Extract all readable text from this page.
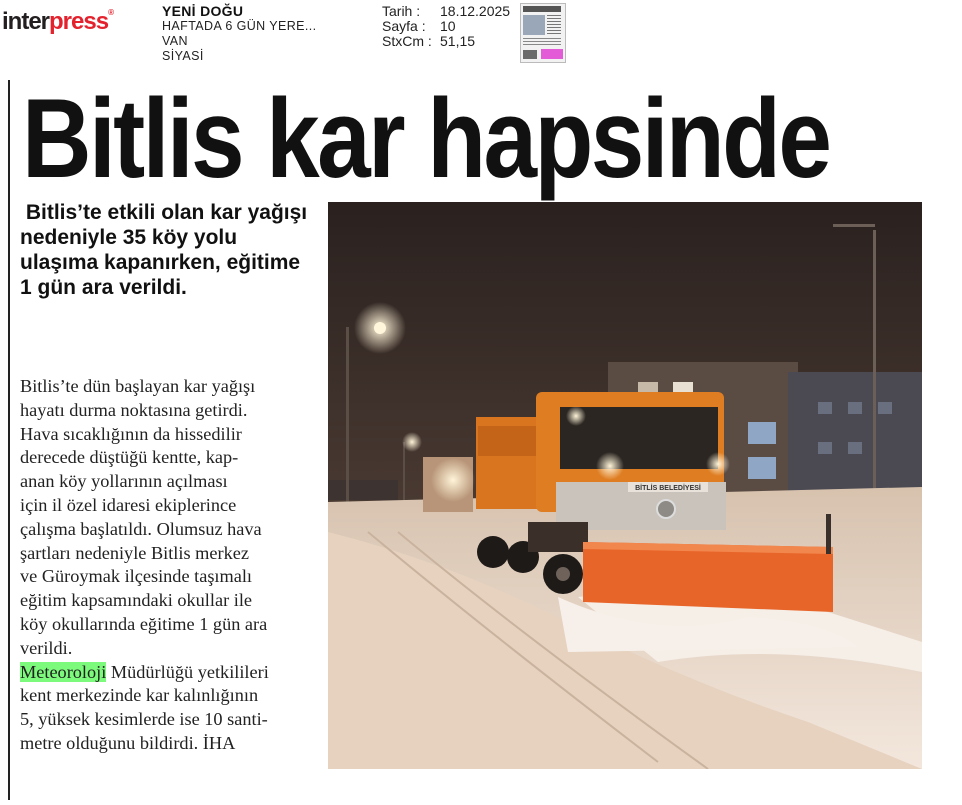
interpress®	YENİ DOĞU
HAFTADA 6 GÜN YERE...
VAN
SİYASİ
Tarih :	18.12.2025
Sayfa :	10
StxCm : 51,15
Bitlis kar hapsinde
Bitlis’te etkili olan kar yağışı nedeniyle 35 köy yolu ulaşıma kapanırken, eğitime 1 gün ara verildi.
Bitlis’te dün başlayan kar yağışı
hayatı durma noktasına getirdi.
Hava sıcaklığının da hissedilir
derecede düştüğü kentte, kap-
anan köy yollarının açılması
için il özel idaresi ekiplerince
çalışma başlatıldı. Olumsuz hava
şartları nedeniyle Bitlis merkez
ve Güroymak ilçesinde taşımalı
eğitim kapsamındaki okullar ile
köy okullarında eğitime 1 gün ara
verildi.
Meteoroloji Müdürlüğü yetkilileri
kent merkezinde kar kalınlığının
5, yüksek kesimlerde ise 10 santi-
metre olduğunu bildirdi. İHA
BİTLİS BELEDİYESİ
